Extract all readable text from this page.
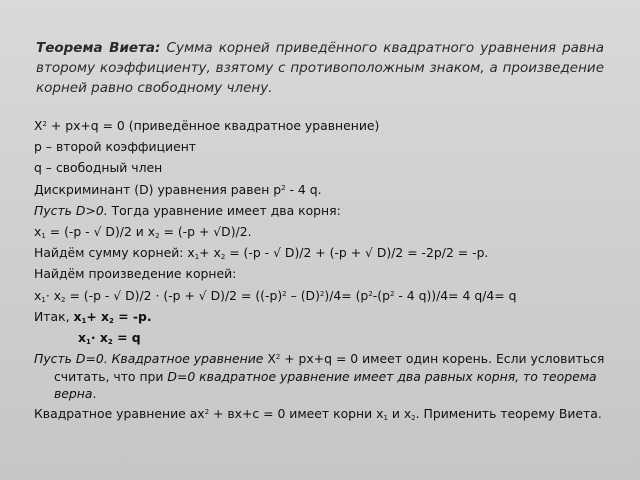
Теорема Виета: Сумма корней приведённого квадратного уравнения равна второму коэффициенту, взятому с противоположным знаком, а произведение корней равно свободному члену.
$X^2 + px+q = 0$ (приведённое квадратное уравнение)
p – второй коэффициент
q – свободный член
Дискриминант (D) уравнения равен $p^2 - 4$ q.
Пусть D>0. Тогда уравнение имеет два корня:
$x_1 = (-p$ - √ D)/2 и $x_2 = (-p + √D)/2$.
Найдём сумму корней: $x_1+ x_2 = (-p$ - √ D)/2 + (-p + √ D)/2 = -2p/2 = -p.
Найдём произведение корней:
$x_1\cdot x_2 = (-p$ - √ D)/2 · (-p + √ $D)/2 = ((-p)^2 - (D)^2)/4= (p^2-(p^2 - 4$ q))/4= 4 q/4= q
Итак, $x_1+ x_2 = -p$.
$x_1\cdot x_2 = q$
Пусть D=0. Квадратное уравнение $X^2 + px+q = 0$ имеет один корень. Если условиться считать, что при D=0 квадратное уравнение имеет два равных корня, то теорема верна.
Квадратное уравнение $ax^2 + вx+c = 0$ имеет корни $x_1$ и $x_2$. Применить теорему Виета.
